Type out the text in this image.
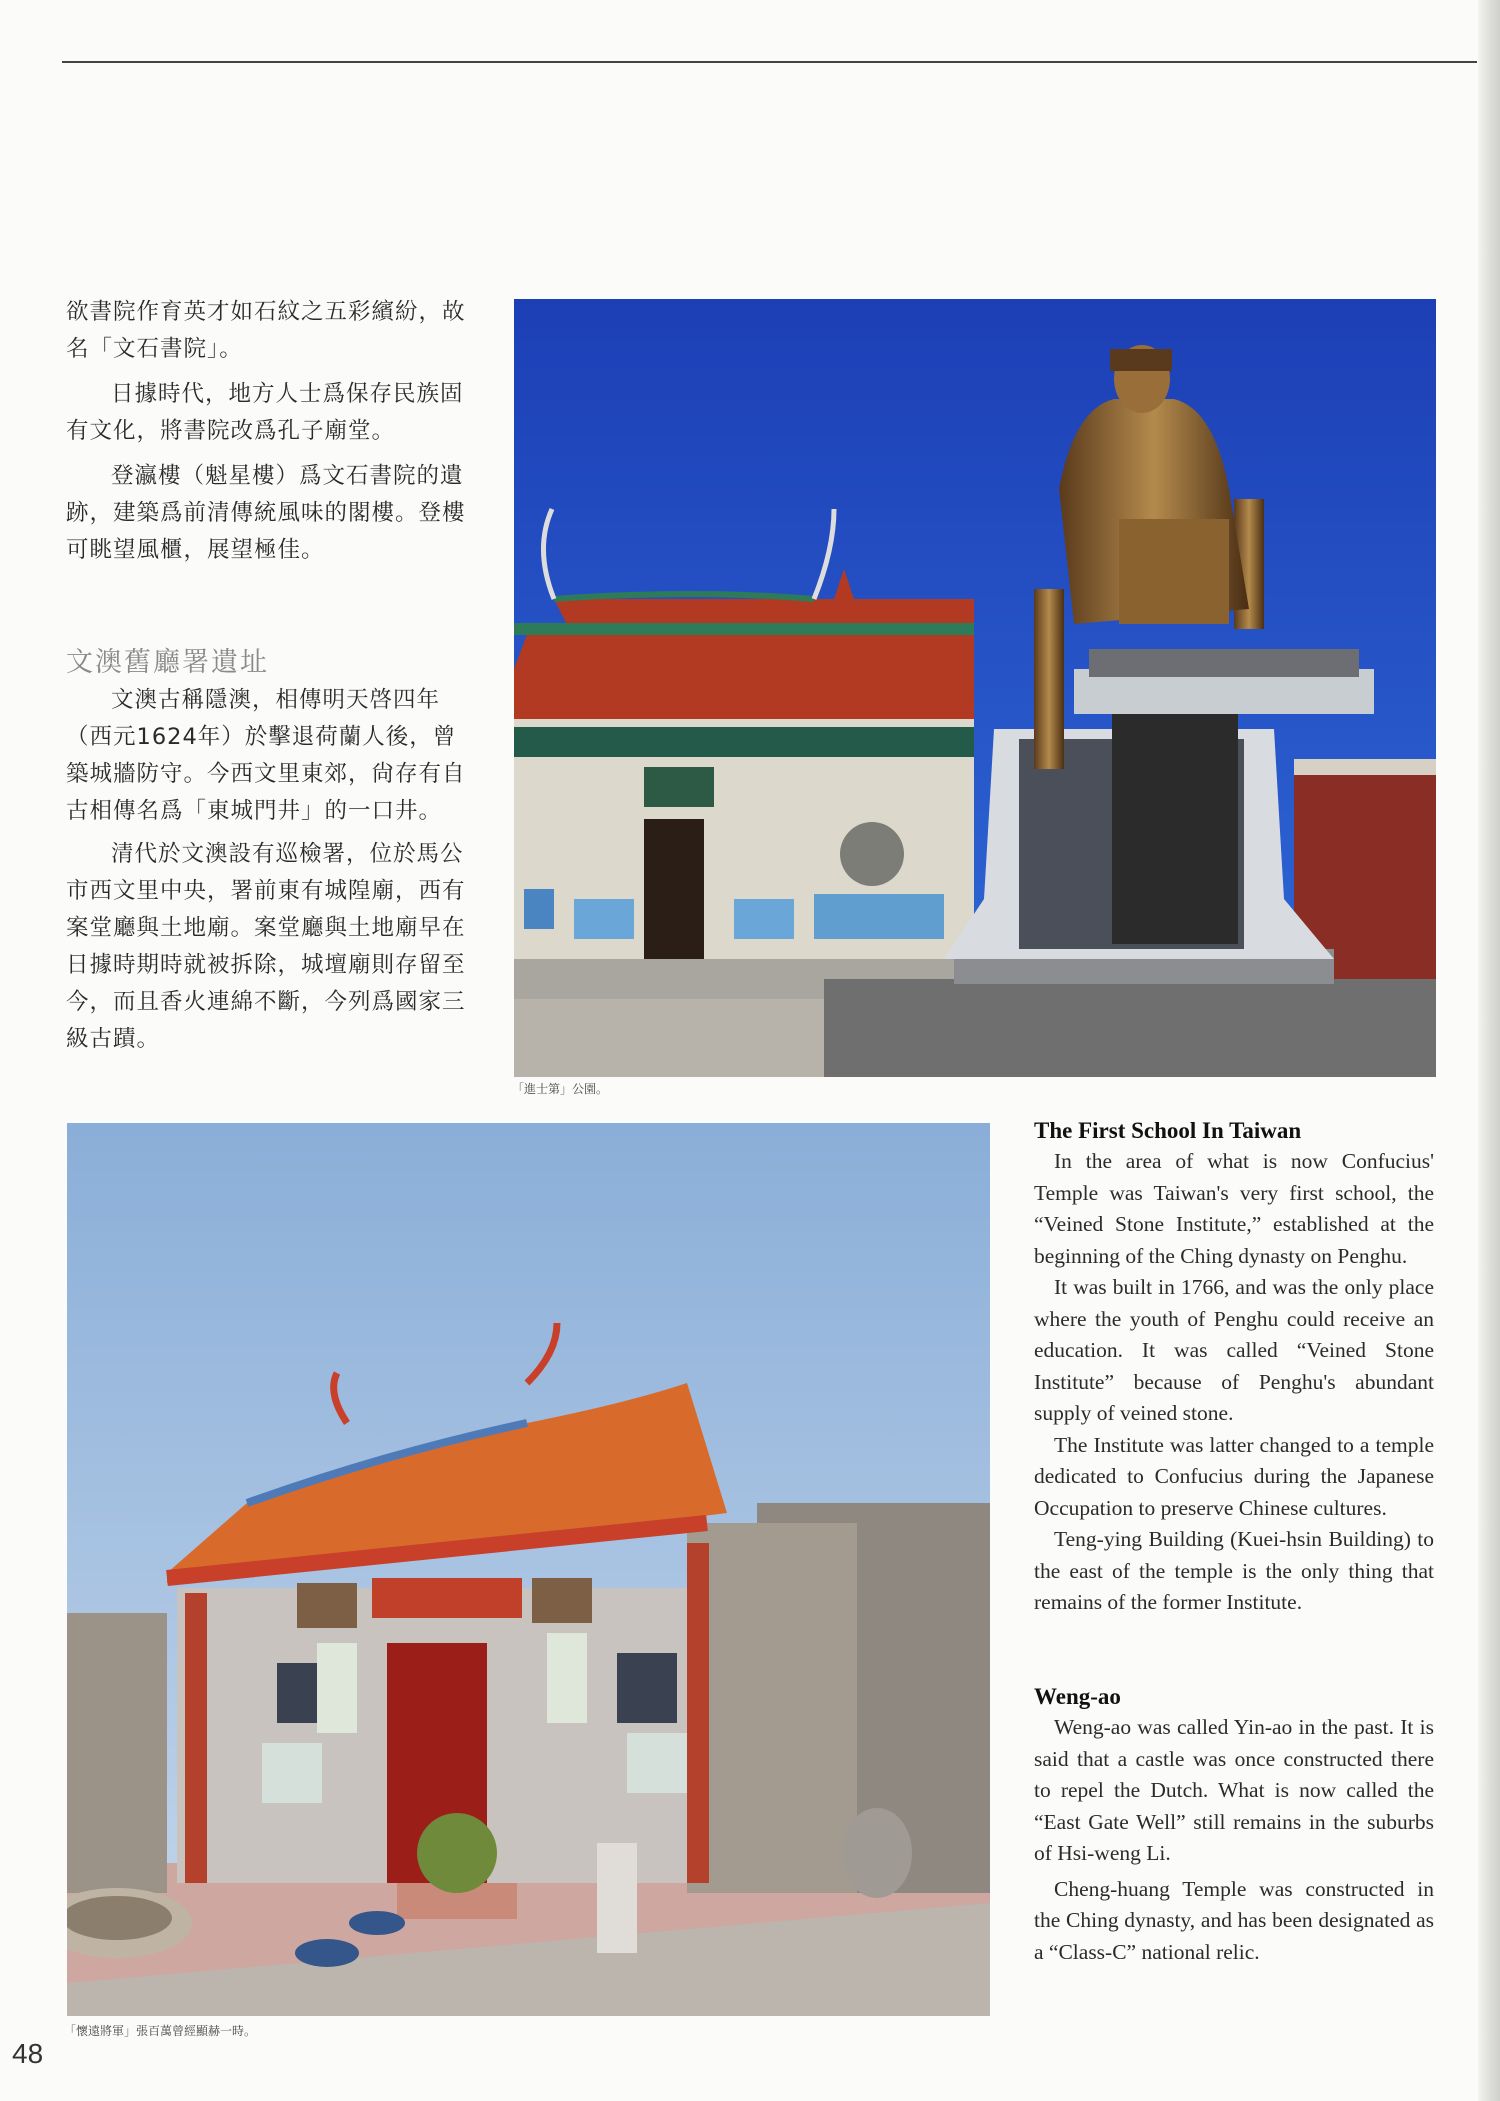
欲書院作育英才如石紋之五彩繽紛，故名「文石書院」。

日據時代，地方人士爲保存民族固有文化，將書院改爲孔子廟堂。

登瀛樓（魁星樓）爲文石書院的遺跡，建築爲前清傳統風味的閣樓。登樓可眺望風櫃，展望極佳。

文澳舊廳署遺址

文澳古稱隱澳，相傳明天啓四年（西元1624年）於擊退荷蘭人後，曾築城牆防守。今西文里東郊，尙存有自古相傳名爲「東城門井」的一口井。

清代於文澳設有巡檢署，位於馬公市西文里中央，署前東有城隍廟，西有案堂廳與土地廟。案堂廳與土地廟早在日據時期時就被拆除，城壇廟則存留至今，而且香火連綿不斷，今列爲國家三級古蹟。

「進士第」公園。
「懷遠將軍」張百萬曾經顯赫一時。
The First School In Taiwan

In the area of what is now Confucius' Temple was Taiwan's very first school, the “Veined Stone Institute,” established at the beginning of the Ching dynasty on Penghu.

It was built in 1766, and was the only place where the youth of Penghu could receive an education. It was called “Veined Stone Institute” because of Penghu's abundant supply of veined stone.

The Institute was latter changed to a temple dedicated to Confucius during the Japanese Occupation to preserve Chinese cultures.

Teng-ying Building (Kuei-hsin Building) to the east of the temple is the only thing that remains of the former Institute.

Weng-ao

Weng-ao was called Yin-ao in the past. It is said that a castle was once constructed there to repel the Dutch. What is now called the “East Gate Well” still remains in the suburbs of Hsi-weng Li.

Cheng-huang Temple was constructed in the Ching dynasty, and has been designated as a “Class-C” national relic.

48
